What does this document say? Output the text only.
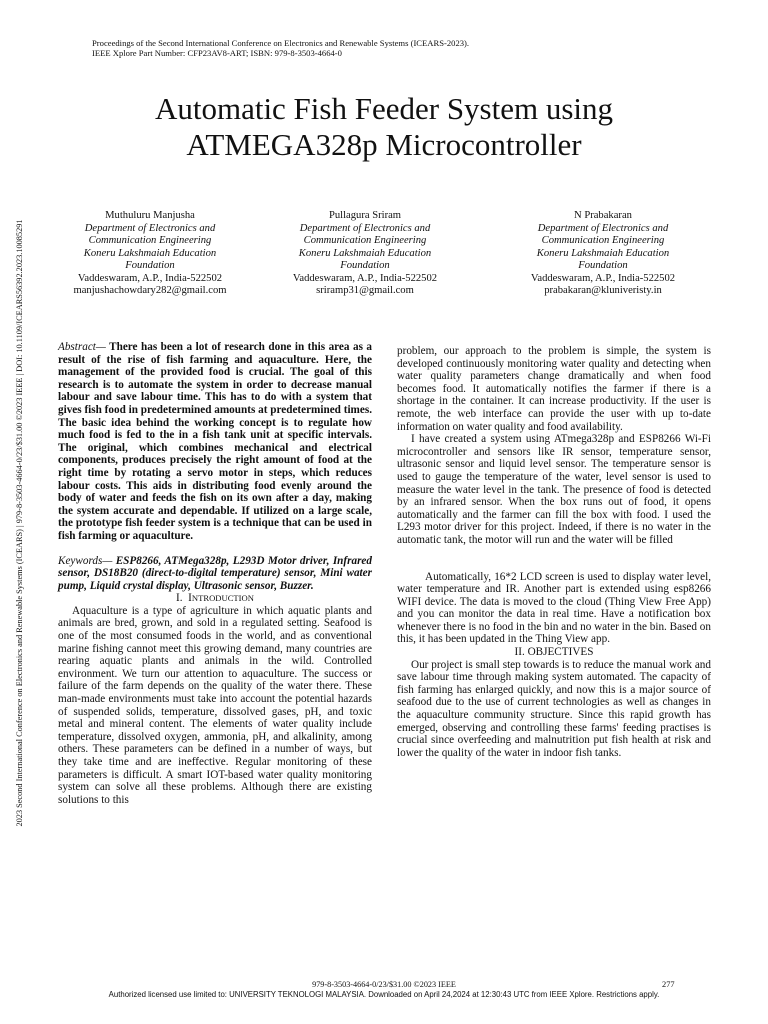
Proceedings of the Second International Conference on Electronics and Renewable Systems (ICEARS-2023).
IEEE Xplore Part Number: CFP23AV8-ART; ISBN: 979-8-3503-4664-0
Automatic Fish Feeder System using
ATMEGA328p Microcontroller
2023 Second International Conference on Electronics and Renewable Systems (ICEARS) | 979-8-3503-4664-0/23/$31.00 ©2023 IEEE | DOI: 10.1109/ICEARS56392.2023.10085291
Muthuluru Manjusha
Department of Electronics and
Communication Engineering
Koneru Lakshmaiah Education
Foundation
Vaddeswaram, A.P., India-522502
manjushachowdary282@gmail.com
Pullagura Sriram
Department of Electronics and
Communication Engineering
Koneru Lakshmaiah Education
Foundation
Vaddeswaram, A.P., India-522502
sriramp31@gmail.com
N Prabakaran
Department of Electronics and
Communication Engineering
Koneru Lakshmaiah Education
Foundation
Vaddeswaram, A.P., India-522502
prabakaran@kluniveristy.in

Abstract— There has been a lot of research done in this area as a result of the rise of fish farming and aquaculture. Here, the management of the provided food is crucial. The goal of this research is to automate the system in order to decrease manual labour and save labour time. This has to do with a system that gives fish food in predetermined amounts at predetermined times. The basic idea behind the working concept is to regulate how much food is fed to the in a fish tank unit at specific intervals. The original, which combines mechanical and electrical components, produces precisely the right amount of food at the right time by rotating a servo motor in steps, which reduces labour costs. This aids in distributing food evenly around the body of water and feeds the fish on its own after a day, making the system accurate and dependable. If utilized on a large scale, the prototype fish feeder system is a technique that can be used in fish farming or aquaculture.

Keywords— ESP8266, ATMega328p, L293D Motor driver, Infrared sensor, DS18B20 (direct-to-digital temperature) sensor, Mini water pump, Liquid crystal display, Ultrasonic sensor, Buzzer.

I. INTRODUCTION

Aquaculture is a type of agriculture in which aquatic plants and animals are bred, grown, and sold in a regulated setting. Seafood is one of the most consumed foods in the world, and as conventional marine fishing cannot meet this growing demand, many countries are rearing aquatic plants and animals in the wild. Controlled environment. We turn our attention to aquaculture. The success or failure of the farm depends on the quality of the water there. These man-made environments must take into account the potential hazards of suspended solids, temperature, dissolved gases, pH, and toxic metal and mineral content. The elements of water quality include temperature, dissolved oxygen, ammonia, pH, and alkalinity, among others. These parameters can be defined in a number of ways, but they take time and are ineffective. Regular monitoring of these parameters is difficult. A smart IOT-based water quality monitoring system can solve all these problems. Although there are existing solutions to this

problem, our approach to the problem is simple, the system is developed continuously monitoring water quality and detecting when water quality parameters change dramatically and when food becomes food. It automatically notifies the farmer if there is a shortage in the container. It can increase productivity. If the user is remote, the web interface can provide the user with up to-date information on water quality and food availability.

I have created a system using ATmega328p and ESP8266 Wi-Fi microcontroller and sensors like IR sensor, temperature sensor, ultrasonic sensor and liquid level sensor. The temperature sensor is used to gauge the temperature of the water, level sensor is used to measure the water level in the tank. The presence of food is detected by an infrared sensor. When the box runs out of food, it opens automatically and the farmer can fill the box with food. I used the L293 motor driver for this project. Indeed, if there is no water in the automatic tank, the motor will run and the water will be filled

Automatically, 16*2 LCD screen is used to display water level, water temperature and IR. Another part is extended using esp8266 WIFI device. The data is moved to the cloud (Thing View Free App) and you can monitor the data in real time. Have a notification box whenever there is no food in the bin and no water in the bin. Based on this, it has been updated in the Thing View app.

II. OBJECTIVES

Our project is small step towards is to reduce the manual work and save labour time through making system automated. The capacity of fish farming has enlarged quickly, and now this is a major source of seafood due to the use of current technologies as well as changes in the aquaculture community structure. Since this rapid growth has emerged, observing and controlling these farms' feeding practises is crucial since overfeeding and malnutrition put fish health at risk and lower the quality of the water in indoor fish tanks.

979-8-3503-4664-0/23/$31.00 ©2023 IEEE	277
Authorized licensed use limited to: UNIVERSITY TEKNOLOGI MALAYSIA. Downloaded on April 24,2024 at 12:30:43 UTC from IEEE Xplore. Restrictions apply.
